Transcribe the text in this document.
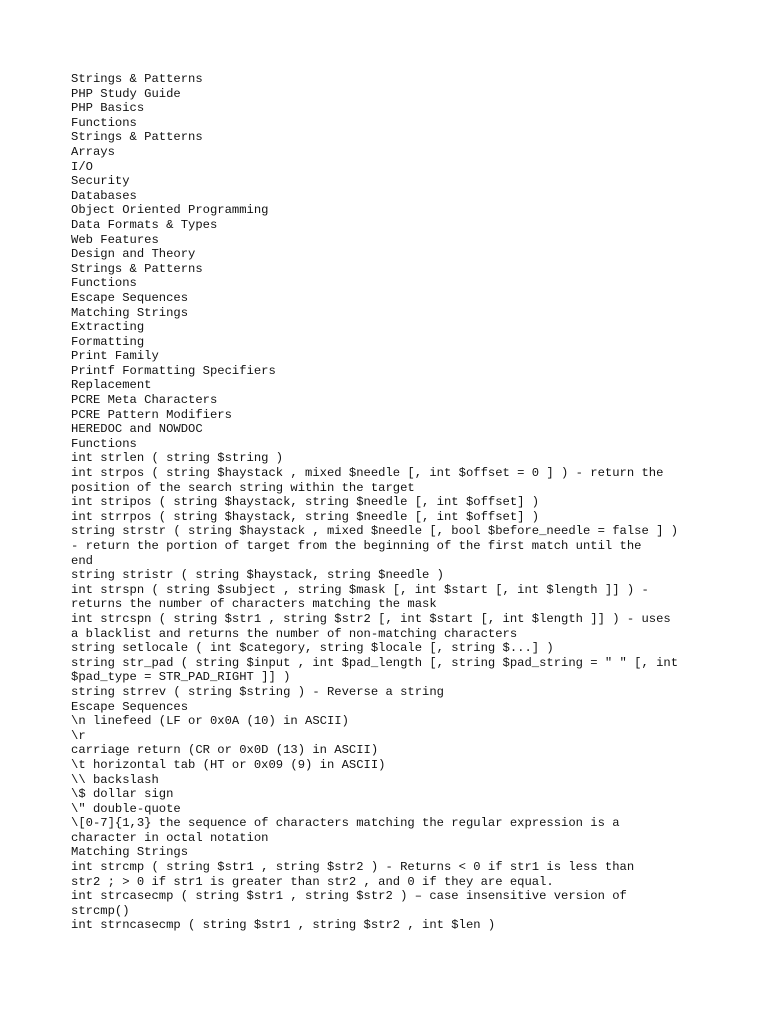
Strings & Patterns
PHP Study Guide
PHP Basics
Functions
Strings & Patterns
Arrays
I/O
Security
Databases
Object Oriented Programming
Data Formats & Types
Web Features
Design and Theory
Strings & Patterns
Functions
Escape Sequences
Matching Strings
Extracting
Formatting
Print Family
Printf Formatting Specifiers
Replacement
PCRE Meta Characters
PCRE Pattern Modifiers
HEREDOC and NOWDOC
Functions
int strlen ( string $string )
int strpos ( string $haystack , mixed $needle [, int $offset = 0 ] ) - return the
position of the search string within the target
int stripos ( string $haystack, string $needle [, int $offset] )
int strrpos ( string $haystack, string $needle [, int $offset] )
string strstr ( string $haystack , mixed $needle [, bool $before_needle = false ] )
- return the portion of target from the beginning of the first match until the
end
string stristr ( string $haystack, string $needle )
int strspn ( string $subject , string $mask [, int $start [, int $length ]] ) -
returns the number of characters matching the mask
int strcspn ( string $str1 , string $str2 [, int $start [, int $length ]] ) - uses
a blacklist and returns the number of non-matching characters
string setlocale ( int $category, string $locale [, string $...] )
string str_pad ( string $input , int $pad_length [, string $pad_string = " " [, int
$pad_type = STR_PAD_RIGHT ]] )
string strrev ( string $string ) - Reverse a string
Escape Sequences
\n linefeed (LF or 0x0A (10) in ASCII)
\r
carriage return (CR or 0x0D (13) in ASCII)
\t horizontal tab (HT or 0x09 (9) in ASCII)
\\ backslash
\$ dollar sign
\" double-quote
\[0-7]{1,3} the sequence of characters matching the regular expression is a
character in octal notation
Matching Strings
int strcmp ( string $str1 , string $str2 ) - Returns < 0 if str1 is less than
str2 ; > 0 if str1 is greater than str2 , and 0 if they are equal.
int strcasecmp ( string $str1 , string $str2 ) – case insensitive version of
strcmp()
int strncasecmp ( string $str1 , string $str2 , int $len )
